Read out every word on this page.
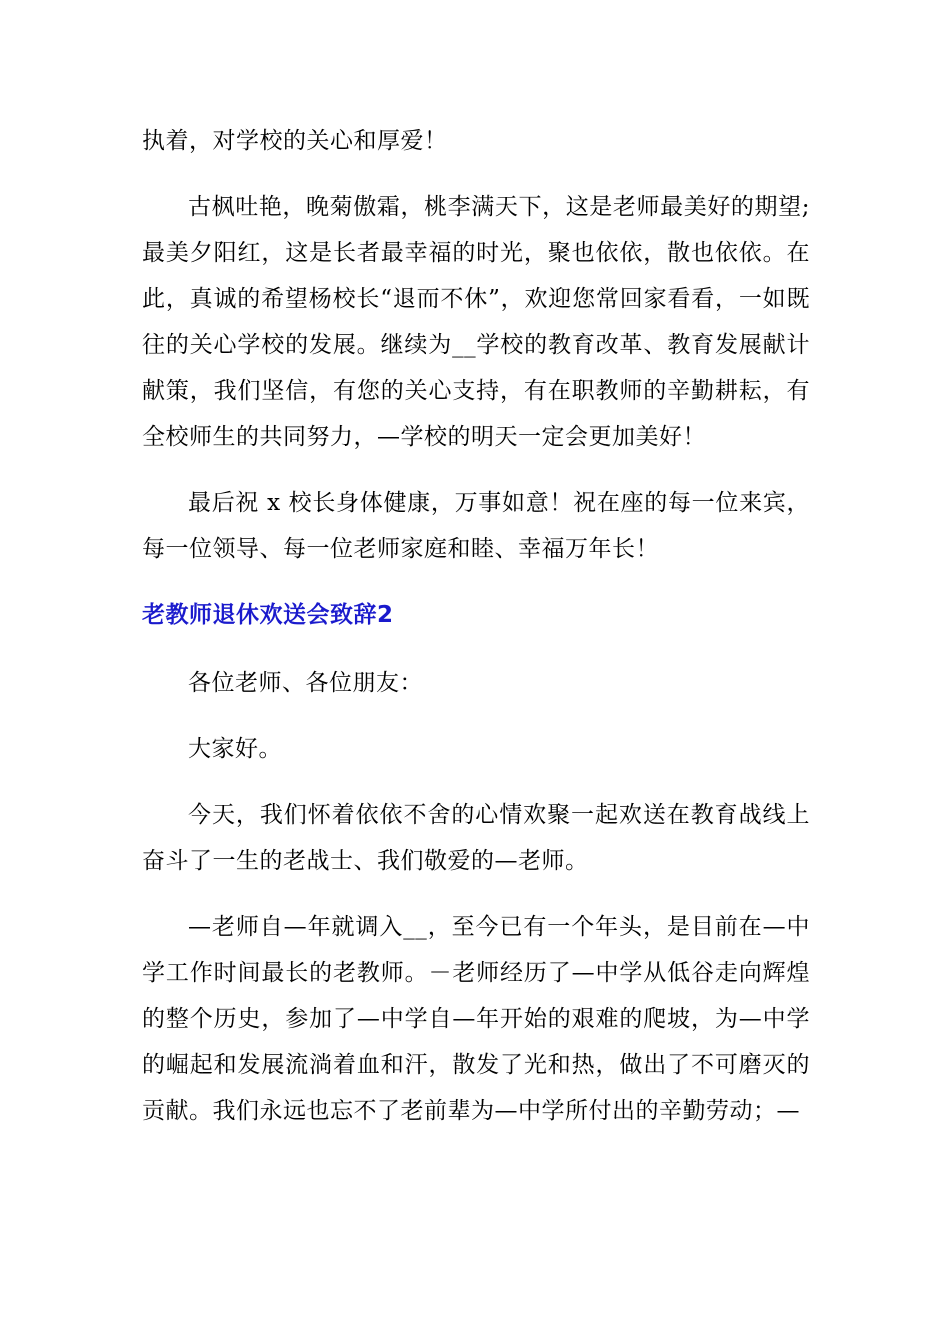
执着，对学校的关心和厚爱！

古枫吐艳，晚菊傲霜，桃李满天下，这是老师最美好的期望;最美夕阳红，这是长者最幸福的时光，聚也依依，散也依依。在此，真诚的希望杨校长“退而不休”，欢迎您常回家看看，一如既往的关心学校的发展。继续为__学校的教育改革、教育发展献计献策，我们坚信，有您的关心支持，有在职教师的辛勤耕耘，有全校师生的共同努力，—学校的明天一定会更加美好！

最后祝 x 校长身体健康，万事如意！祝在座的每一位来宾，每一位领导、每一位老师家庭和睦、幸福万年长！

老教师退休欢送会致辞2

各位老师、各位朋友：

大家好。

今天，我们怀着依依不舍的心情欢聚一起欢送在教育战线上奋斗了一生的老战士、我们敬爱的—老师。

—老师自—年就调入__，至今已有一个年头，是目前在—中学工作时间最长的老教师。－老师经历了—中学从低谷走向辉煌的整个历史，参加了—中学自—年开始的艰难的爬坡，为—中学的崛起和发展流淌着血和汗，散发了光和热，做出了不可磨灭的贡献。我们永远也忘不了老前辈为—中学所付出的辛勤劳动；—
